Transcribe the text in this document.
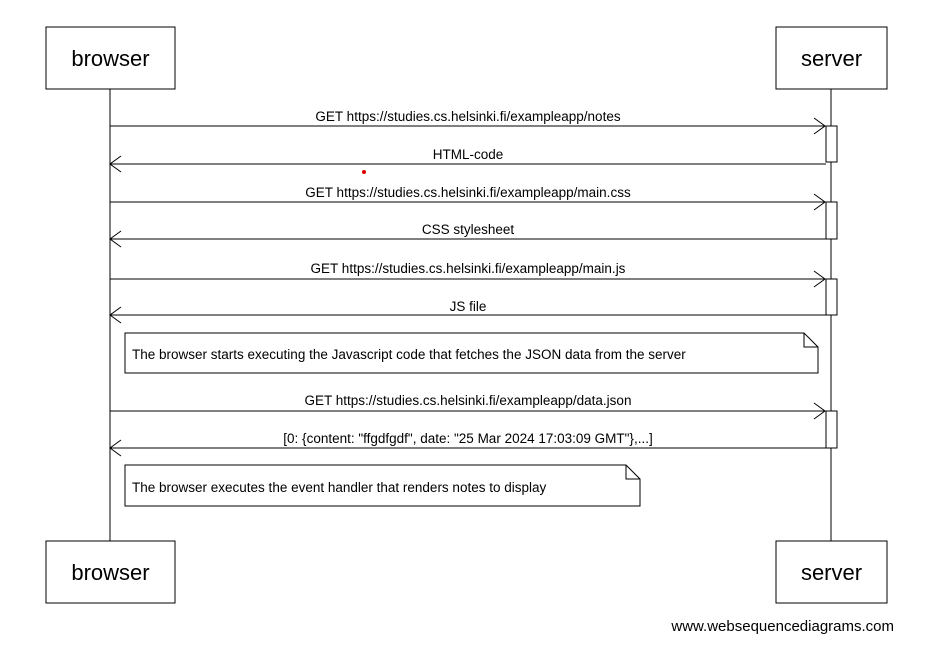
browser	server
GET https://studies.cs.helsinki.fi/exampleapp/notes
HTML-code
GET https://studies.cs.helsinki.fi/exampleapp/main.css
CSS stylesheet
GET https://studies.cs.helsinki.fi/exampleapp/main.js
JS file
The browser starts executing the Javascript code that fetches the JSON data from the server
GET https://studies.cs.helsinki.fi/exampleapp/data.json
[0: {content: "ffgdfgdf", date: "25 Mar 2024 17:03:09 GMT"},...]
The browser executes the event handler that renders notes to display
browser	server
www.websequencediagrams.com
